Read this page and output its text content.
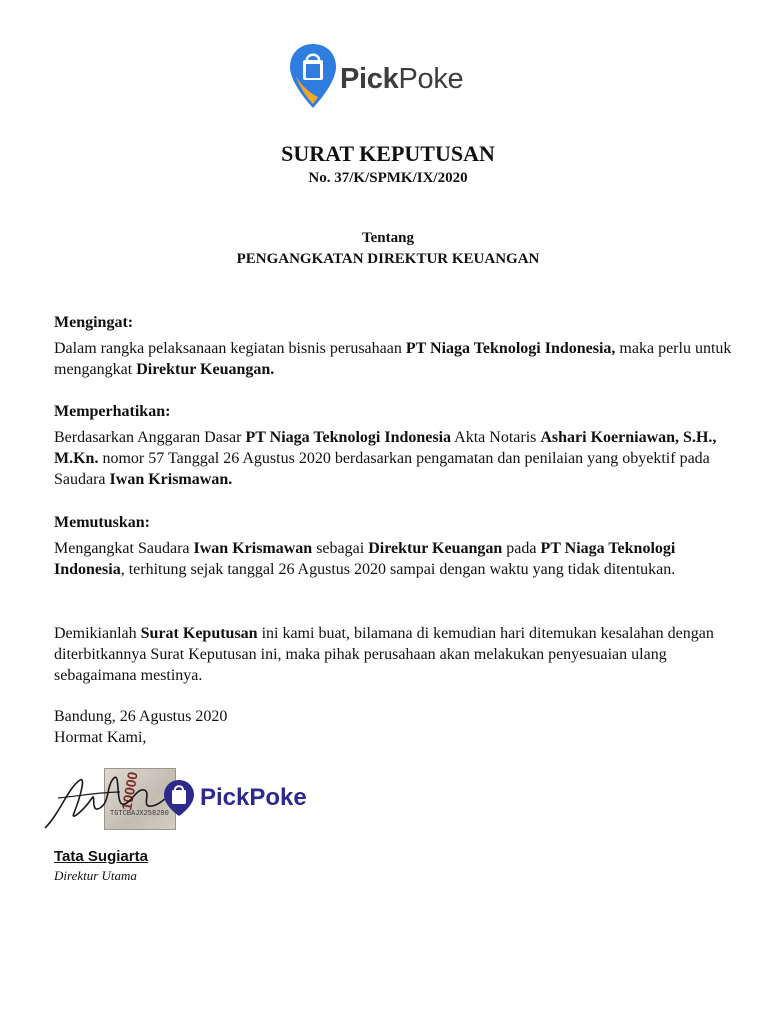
PickPoke
SURAT KEPUTUSAN
No. 37/K/SPMK/IX/2020
Tentang
PENGANGKATAN DIREKTUR KEUANGAN
Mengingat:
Dalam rangka pelaksanaan kegiatan bisnis perusahaan PT Niaga Teknologi Indonesia, maka perlu untuk mengangkat Direktur Keuangan.
Memperhatikan:
Berdasarkan Anggaran Dasar PT Niaga Teknologi Indonesia Akta Notaris Ashari Koerniawan, S.H., M.Kn. nomor 57 Tanggal 26 Agustus 2020 berdasarkan pengamatan dan penilaian yang obyektif pada Saudara Iwan Krismawan.
Memutuskan:
Mengangkat Saudara Iwan Krismawan sebagai Direktur Keuangan pada PT Niaga Teknologi Indonesia, terhitung sejak tanggal 26 Agustus 2020 sampai dengan waktu yang tidak ditentukan.
Demikianlah Surat Keputusan ini kami buat, bilamana di kemudian hari ditemukan kesalahan dengan diterbitkannya Surat Keputusan ini, maka pihak perusahaan akan melakukan penyesuaian ulang sebagaimana mestinya.
Bandung, 26 Agustus 2020
Hormat Kami,
10000
TGTCBAJX258280
PickPoke
Tata Sugiarta
Direktur Utama
